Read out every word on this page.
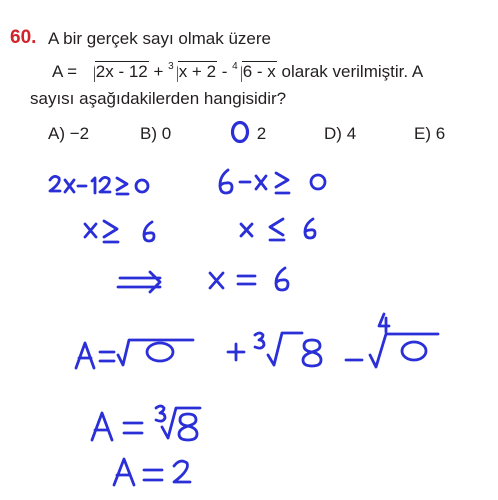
60. A bir gerçek sayı olmak üzere
A = 2x - 12 + $^3$ x + 2 - $^4$ 6 - x olarak verilmiştir. A
sayısı aşağıdakilerden hangisidir?
A) −2	B) 0	2	D) 4	E) 6
